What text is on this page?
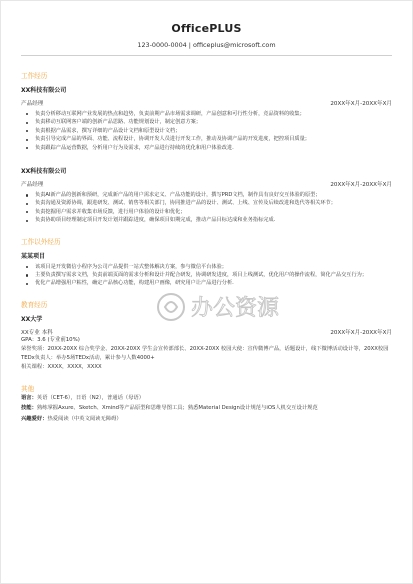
OfficePLUS
123-0000-0004 | officeplus@microsoft.com
工作经历
XX科技有限公司
产品经理	20XX年X月-20XX年X月
负责分析移动互联网产业发展的热点和趋势，负责前期产品市场需求调研，产品创意和可行性分析，竞品资料的收集；
负责移动互联网客户端的创新产品思路、功能规划设计，制定创意方案；
负责根据产品需求，撰写详细的产品设计文档和原型设计文档；
负责引导完成产品的界面、功能、流程设计，协调开发人员进行开发工作，推动及协调产品的开发进度，把控项目质量；
负责跟踪产品运营数据，分析用户行为及需求，对产品进行持续的优化和用户体验改进.
XX科技有限公司
产品经理	20XX年X月-20XX年X月
负责AI新产品的创新和预研，完成新产品的用户需求定义、产品功能的设计，撰写PRD文档，制作具有良好交互体验的原型；
负责沟通及资源协调，跟进研发、测试、销售等相关部门，协同推进产品的设计、测试、上线、宣传及后续改进和迭代等相关环节；
负责挖掘用户需求并收集市场反馈，进行用户体验的设计和优化；
负责协助项目经理制定项目开发计划并跟踪进度，确保项目如期完成，推动产品目标达成和业务指标完成.
工作以外经历
某某项目
该项目是开发微信小程序为公司产品提供一站式整体解决方案，参与微信平台体验；
主要负责撰写需求文档，负责前端页面的需求分析和设计并配合研发，协调研发进度，项目上线测试，优化用户的操作流程，简化产品交互行为；
优化产品增强用户粘性，确定产品核心功能，构建用户画像，研究用户让产品进行分析.
教育经历
XX大学
XX专业 本科	20XX年X月-20XX年X月
GPA：3.6 (专业前10%)
荣誉奖项：20XX-20XX 综合奖学金、20XX-20XX 学生会宣传部部长、20XX-20XX 校园大使：宣传微博产品，话题设计，线下微博活动设计等，20XX校园TEDx负责人：举办5场TEDx活动，累计参与人数4000+
相关课程：XXXX，XXXX，XXXX
其他
语言：英语（CET-6），日语（N2），普通话（母语）
技能：熟练掌握Axure、Sketch、Xmind等产品原型和思维导图工具；熟悉Material Design设计规范与iOS人机交互设计规范
兴趣爱好：热爱阅读（中英文阅读无障碍）
办公资源
